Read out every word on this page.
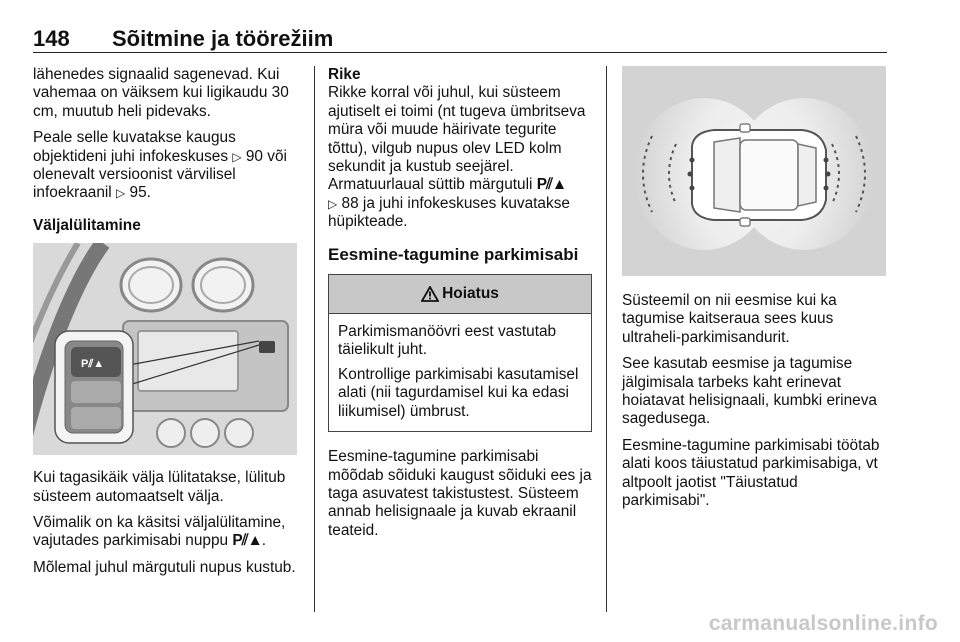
148 Sõitmine ja töörežiim

lähenedes signaalid sagenevad. Kui vahemaa on väiksem kui ligikaudu 30 cm, muutub heli pidevaks.

Peale selle kuvatakse kaugus objektideni juhi infokeskuses ▷ 90 või olenevalt versioonist värvilisel infoekraanil ▷ 95.

Väljalülitamine

P⫽▲

Kui tagasikäik välja lülitatakse, lülitub süsteem automaatselt välja.

Võimalik on ka käsitsi väljalülitamine, vajutades parkimisabi nuppu P⫽▲.

Mõlemal juhul märgutuli nupus kustub.

Rike

Rikke korral või juhul, kui süsteem ajutiselt ei toimi (nt tugeva ümbritseva müra või muude häirivate tegurite tõttu), vilgub nupus olev LED kolm sekundit ja kustub seejärel. Armatuurlaual süttib märgutuli P⫽▲
▷ 88 ja juhi infokeskuses kuvatakse hüpikteade.

Eesmine-tagumine parkimisabi
Hoiatus

Parkimismanöövri eest vastutab täielikult juht.

Kontrollige parkimisabi kasutamisel alati (nii tagurdamisel kui ka edasi liikumisel) ümbrust.

Eesmine-tagumine parkimisabi mõõdab sõiduki kaugust sõiduki ees ja taga asuvatest takistustest. Süsteem annab helisignaale ja kuvab ekraanil teateid.

Süsteemil on nii eesmise kui ka tagumise kaitseraua sees kuus ultraheli-parkimisandurit.

See kasutab eesmise ja tagumise jälgimisala tarbeks kaht erinevat hoiatavat helisignaali, kumbki erineva sagedusega.

Eesmine-tagumine parkimisabi töötab alati koos täiustatud parkimisabiga, vt altpoolt jaotist "Täiustatud parkimisabi".

carmanualsonline.info
